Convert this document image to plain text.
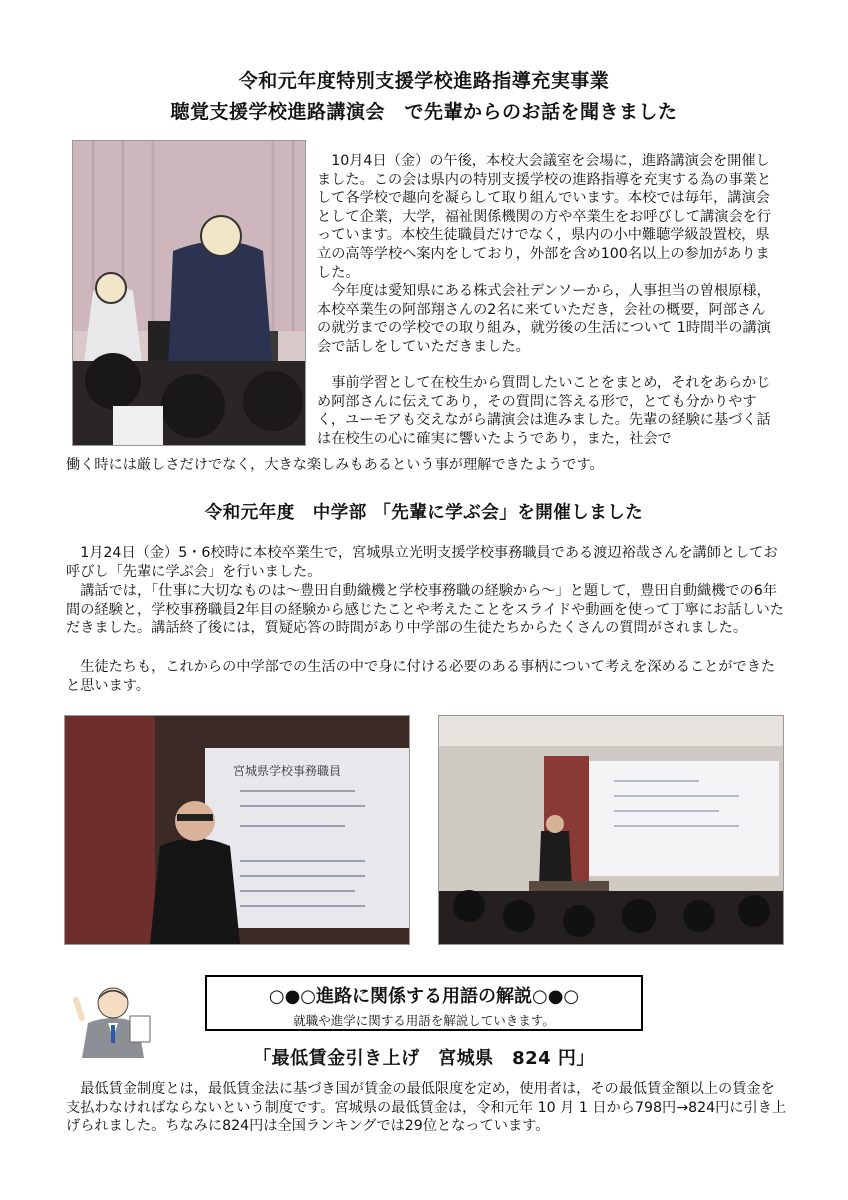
令和元年度特別支援学校進路指導充実事業
聴覚支援学校進路講演会　で先輩からのお話を聞きました
　10月4日（金）の午後，本校大会議室を会場に，進路講演会を開催しました。この会は県内の特別支援学校の進路指導を充実する為の事業として各学校で趣向を凝らして取り組んでいます。本校では毎年，講演会として企業，大学，福祉関係機関の方や卒業生をお呼びして講演会を行っています。本校生徒職員だけでなく，県内の小中難聴学級設置校，県立の高等学校へ案内をしており，外部を含め100名以上の参加がありました。
　今年度は愛知県にある株式会社デンソーから，人事担当の曽根原様，本校卒業生の阿部翔さんの2名に来ていただき，会社の概要，阿部さんの就労までの学校での取り組み，就労後の生活について 1時間半の講演会で話しをしていただきました。
　事前学習として在校生から質問したいことをまとめ，それをあらかじめ阿部さんに伝えてあり，その質問に答える形で，とても分かりやすく，ユーモアも交えながら講演会は進みました。先輩の経験に基づく話は在校生の心に確実に響いたようであり，また，社会で
働く時には厳しさだけでなく，大きな楽しみもあるという事が理解できたようです。
令和元年度　中学部 「先輩に学ぶ会」を開催しました
　1月24日（金）5・6校時に本校卒業生で，宮城県立光明支援学校事務職員である渡辺裕哉さんを講師としてお呼びし「先輩に学ぶ会」を行いました。
　講話では，「仕事に大切なものは～豊田自動織機と学校事務職の経験から～」と題して，豊田自動織機での6年間の経験と，学校事務職員2年目の経験から感じたことや考えたことをスライドや動画を使って丁寧にお話しいただきました。講話終了後には，質疑応答の時間があり中学部の生徒たちからたくさんの質問がされました。
　生徒たちも，これからの中学部での生活の中で身に付ける必要のある事柄について考えを深めることができたと思います。
宮城県学校事務職員
○●○進路に関係する用語の解説○●○
就職や進学に関する用語を解説していきます。
「最低賃金引き上げ　宮城県　824 円」
　最低賃金制度とは，最低賃金法に基づき国が賃金の最低限度を定め，使用者は，その最低賃金額以上の賃金を支払わなければならないという制度です。宮城県の最低賃金は，令和元年 10 月 1 日から798円→824円に引き上げられました。ちなみに824円は全国ランキングでは29位となっています。
